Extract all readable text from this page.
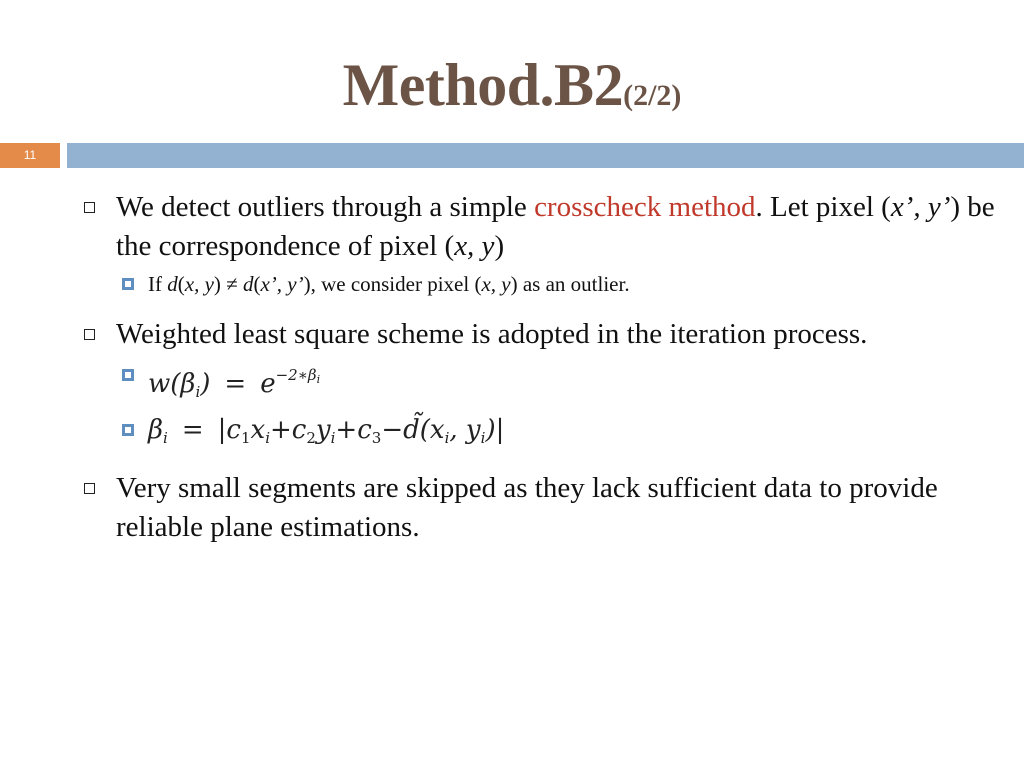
Method.B2(2/2)
11
We detect outliers through a simple crosscheck method. Let pixel (x’, y’) be the correspondence of pixel (x, y)
If d(x, y) ≠ d(x’, y’), we consider pixel (x, y) as an outlier.
Weighted least square scheme is adopted in the iteration process.
$w(\beta_i) = e^{-2∗\beta_i}$
$\beta_i$ = $|c_1x_i+c_2y_i+c_3-d̃(x_i$, $y_i)|$
Very small segments are skipped as they lack sufficient data to provide reliable plane estimations.
